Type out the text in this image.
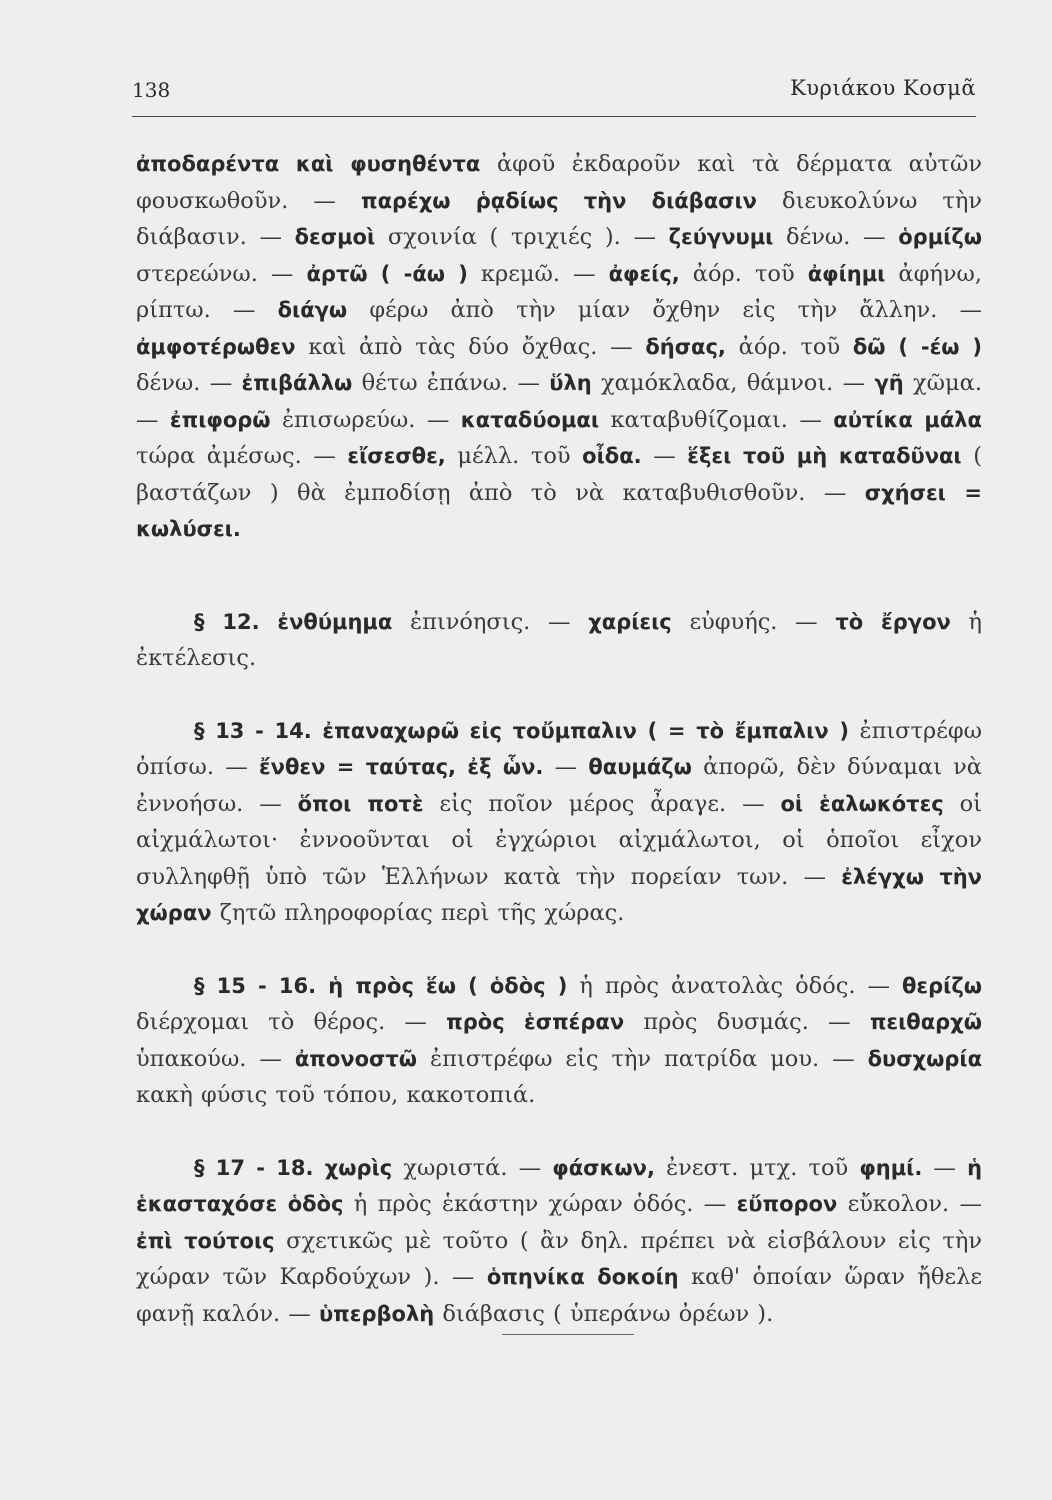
138	Κυριάκου Κοσμᾶ

ἀποδαρέντα καὶ φυσηθέντα ἀφοῦ ἐκδαροῦν καὶ τὰ δέρματα αὐτῶν φουσκωθοῦν. — παρέχω ῥᾳδίως τὴν διάβασιν διευκολύνω τὴν διάβασιν. — δεσμοὶ σχοινία ( τριχιές ). — ζεύγνυμι δένω. — ὁρμίζω στερεώνω. — ἀρτῶ ( -άω ) κρεμῶ. — ἀφείς, ἀόρ. τοῦ ἀφίημι ἀφήνω, ρίπτω. — διάγω φέρω ἀπὸ τὴν μίαν ὄχθην εἰς τὴν ἄλλην. — ἀμφοτέρωθεν καὶ ἀπὸ τὰς δύο ὄχθας. — δήσας, ἀόρ. τοῦ δῶ ( -έω ) δένω. — ἐπιβάλλω θέτω ἐπάνω. — ὕλη χαμόκλαδα, θάμνοι. — γῆ χῶμα. — ἐπιφορῶ ἐπισωρεύω. — καταδύομαι καταβυθίζομαι. — αὐτίκα μάλα τώρα ἀμέσως. — εἴσεσθε, μέλλ. τοῦ οἶδα. — ἕξει τοῦ μὴ καταδῦναι ( βαστάζων ) θὰ ἐμποδίσῃ ἀπὸ τὸ νὰ καταβυθισθοῦν. — σχήσει = κωλύσει.

§ 12. ἐνθύμημα ἐπινόησις. — χαρίεις εὐφυής. — τὸ ἔργον ἡ ἐκτέλεσις.

§ 13 - 14. ἐπαναχωρῶ εἰς τοὔμπαλιν ( = τὸ ἔμπαλιν ) ἐπιστρέφω ὀπίσω. — ἔνθεν = ταύτας, ἐξ ὧν. — θαυμάζω ἀπορῶ, δὲν δύναμαι νὰ ἐννοήσω. — ὅποι ποτὲ εἰς ποῖον μέρος ἆραγε. — οἱ ἑαλωκότες οἱ αἰχμάλωτοι· ἐννοοῦνται οἱ ἐγχώριοι αἰχμάλωτοι, οἱ ὁποῖοι εἶχον συλληφθῇ ὑπὸ τῶν Ἑλλήνων κατὰ τὴν πορείαν των. — ἐλέγχω τὴν χώραν ζητῶ πληροφορίας περὶ τῆς χώρας.

§ 15 - 16. ἡ πρὸς ἕω ( ὁδὸς ) ἡ πρὸς ἀνατολὰς ὁδός. — θερίζω διέρχομαι τὸ θέρος. — πρὸς ἑσπέραν πρὸς δυσμάς. — πειθαρχῶ ὑπακούω. — ἀπονοστῶ ἐπιστρέφω εἰς τὴν πατρίδα μου. — δυσχωρία κακὴ φύσις τοῦ τόπου, κακοτοπιά.

§ 17 - 18. χωρὶς χωριστά. — φάσκων, ἐνεστ. μτχ. τοῦ φημί. — ἡ ἑκασταχόσε ὁδὸς ἡ πρὸς ἑκάστην χώραν ὁδός. — εὔπορον εὔκολον. — ἐπὶ τούτοις σχετικῶς μὲ τοῦτο ( ἂν δηλ. πρέπει νὰ εἰσβάλουν εἰς τὴν χώραν τῶν Καρδούχων ). — ὁπηνίκα δοκοίη καθ' ὁποίαν ὥραν ἤθελε φανῇ καλόν. — ὑπερβολὴ διάβασις ( ὑπεράνω ὀρέων ).
